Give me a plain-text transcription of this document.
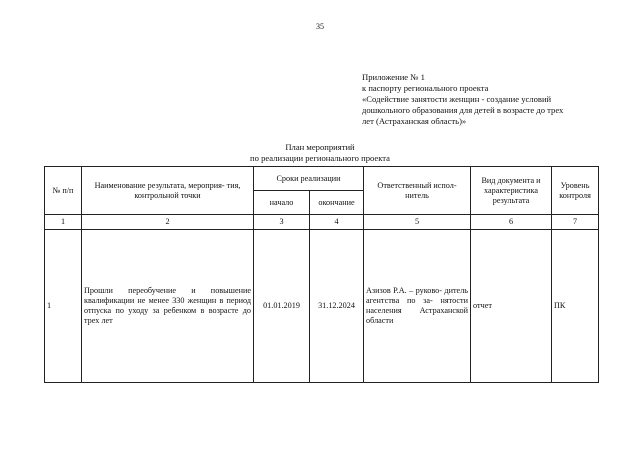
35
Приложение № 1
к паспорту регионального проекта
«Содействие занятости женщин - создание условий
дошкольного образования для детей в возрасте до трех
лет (Астраханская область)»
План мероприятий
по реализации регионального проекта
№ п/п	Наименование результата, мероприя- тия, контрольной точки	Сроки реализации		Ответственный испол- нитель	Вид документа и характеристика результата	Уровень контроля
		начало	окончание			
1	2	3	4	5	6	7
1	Прошли переобучение и повышение квалификации не менее 330 женщин в период отпуска по уходу за ребенком в возрасте до трех лет	01.01.2019	31.12.2024	Азизов Р.А. – руково- дитель агентства по за- нятости населения Астраханской области	отчет	ПК
